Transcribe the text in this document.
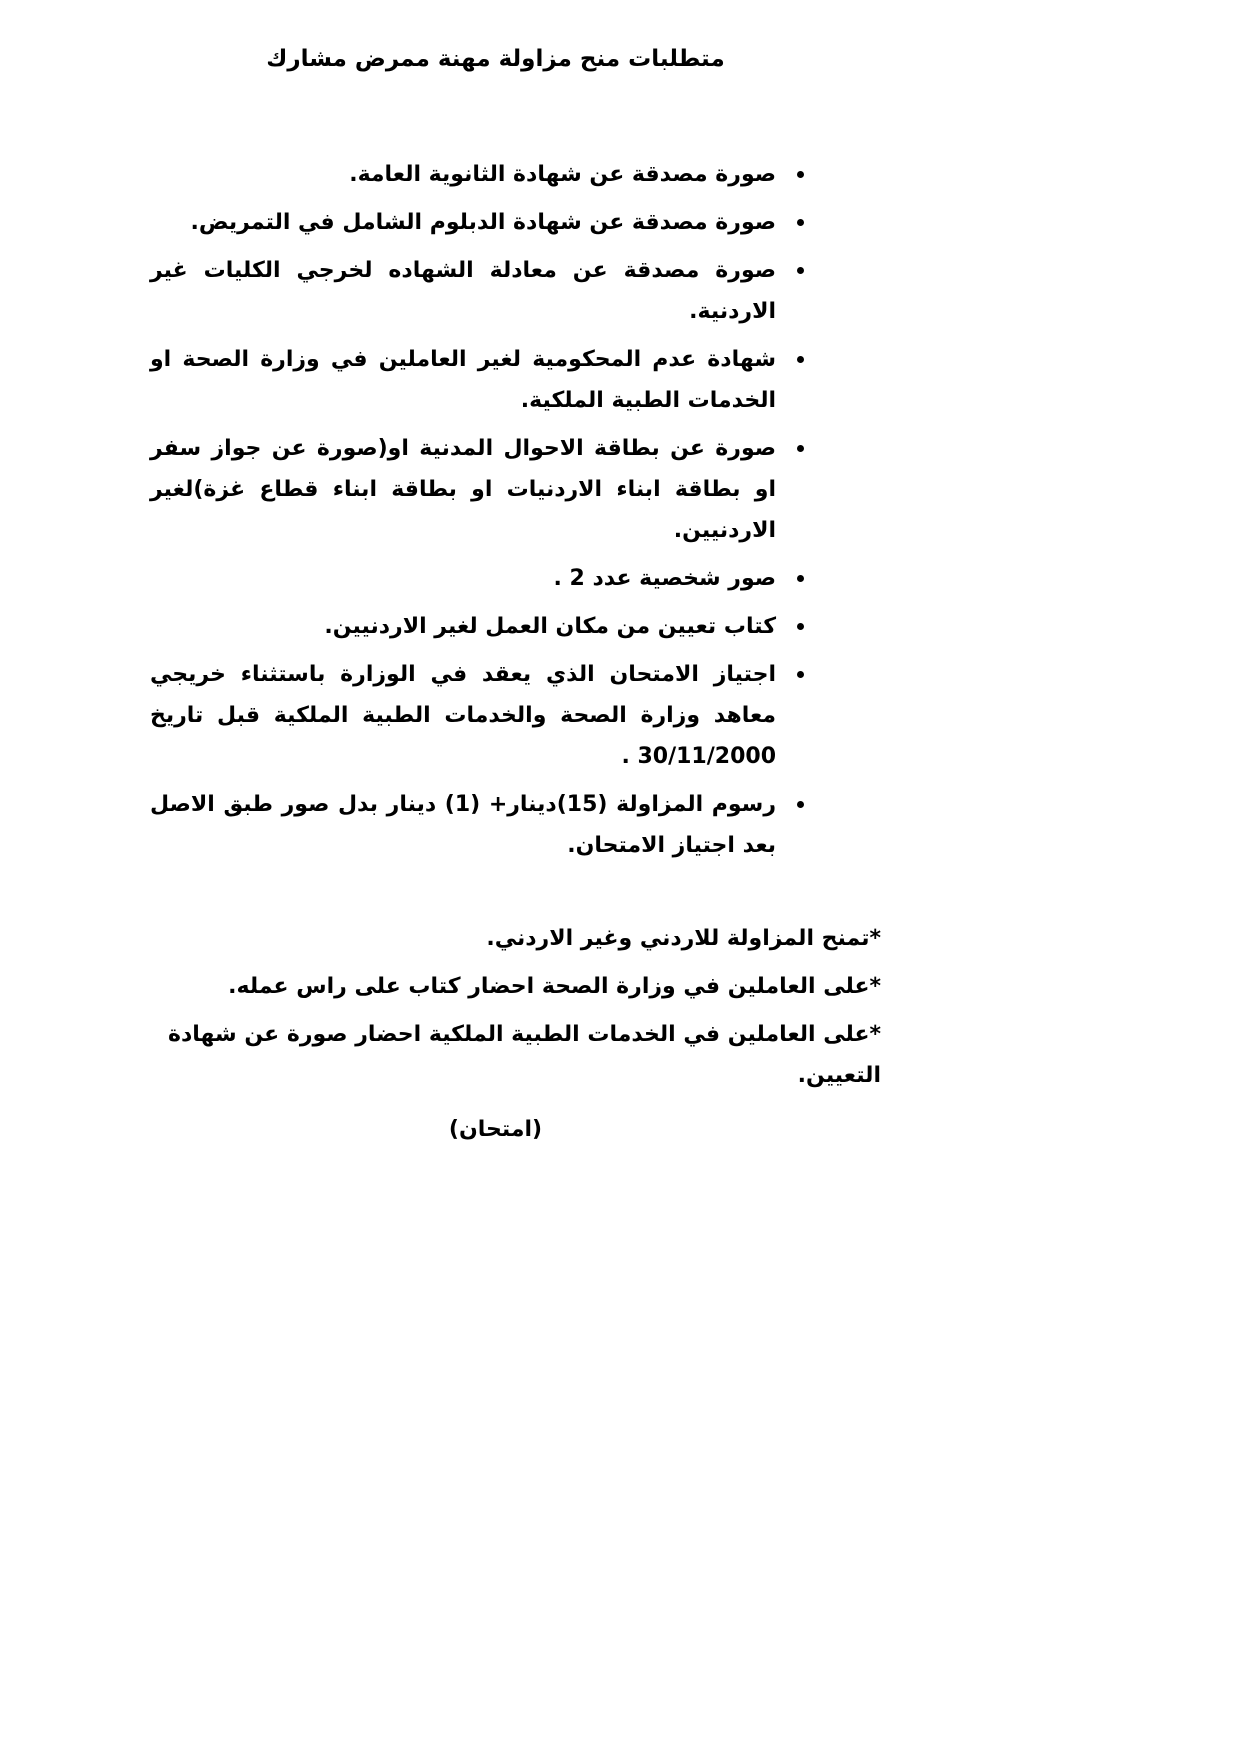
متطلبات منح مزاولة مهنة ممرض مشارك
صورة مصدقة عن شهادة الثانوية العامة.
صورة مصدقة عن شهادة الدبلوم الشامل في التمريض.
صورة مصدقة عن معادلة الشهاده لخرجي الكليات غير الاردنية.
شهادة عدم المحكومية لغير العاملين في وزارة الصحة او الخدمات الطبية الملكية.
صورة عن بطاقة الاحوال المدنية او(صورة عن جواز سفر او بطاقة ابناء الاردنيات او بطاقة ابناء قطاع غزة)لغير الاردنيين.
صور شخصية عدد 2 .
كتاب تعيين من مكان العمل لغير الاردنيين.
اجتياز الامتحان الذي يعقد في الوزارة باستثناء خريجي معاهد وزارة الصحة والخدمات الطبية الملكية قبل تاريخ 30/11/2000 .
رسوم المزاولة (15)دينار+ (1) دينار بدل صور طبق الاصل بعد اجتياز الامتحان.

*تمنح المزاولة للاردني وغير الاردني.

*على العاملين في وزارة الصحة احضار كتاب على راس عمله.

*على العاملين في الخدمات الطبية الملكية احضار صورة عن شهادة التعيين.

(امتحان)
